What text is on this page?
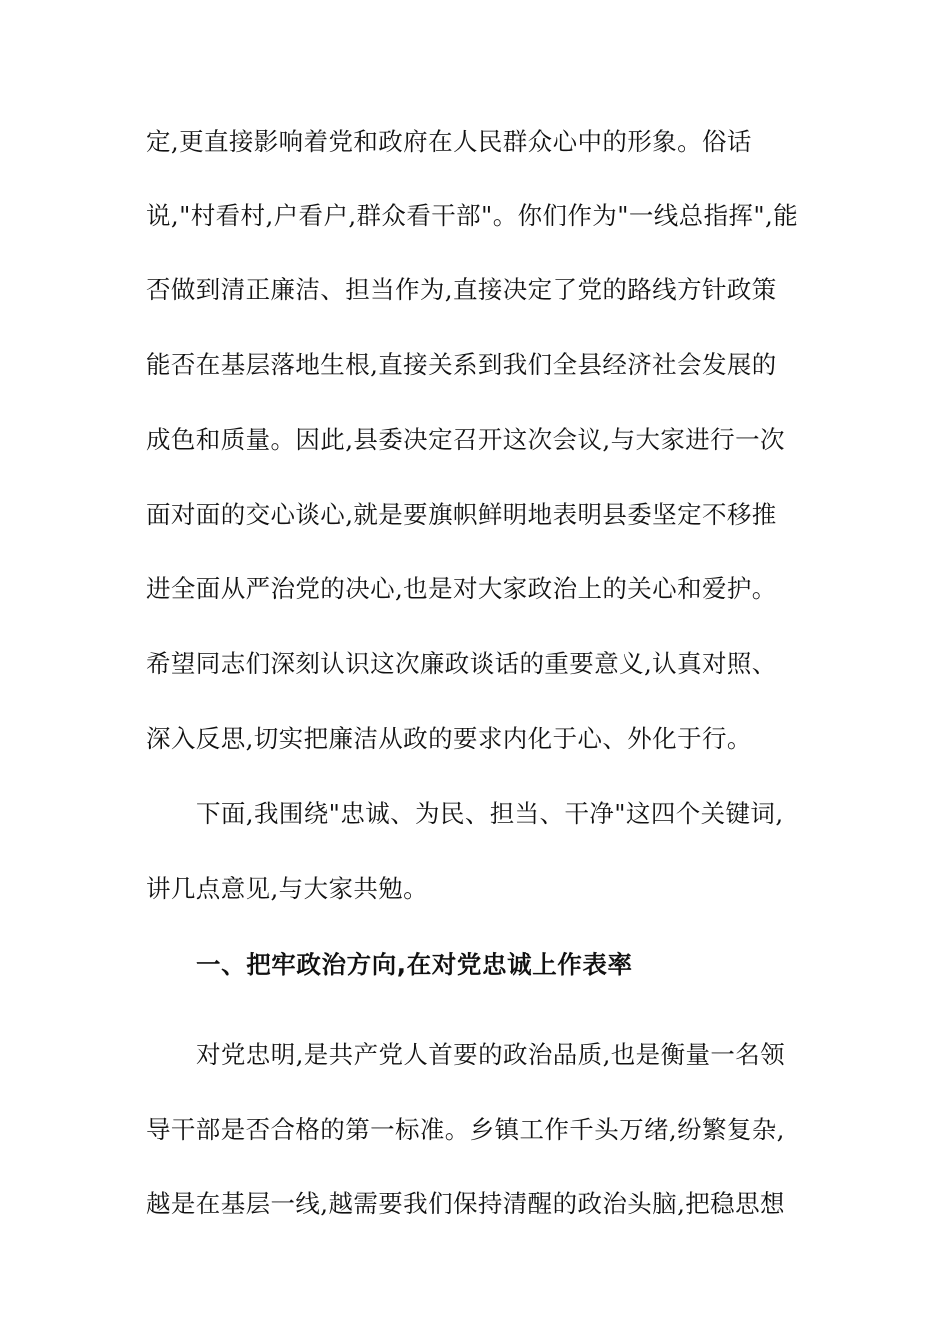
定,更直接影响着党和政府在人民群众心中的形象。俗话
说,"村看村,户看户,群众看干部"。你们作为"一线总指挥",能
否做到清正廉洁、担当作为,直接决定了党的路线方针政策
能否在基层落地生根,直接关系到我们全县经济社会发展的
成色和质量。因此,县委决定召开这次会议,与大家进行一次
面对面的交心谈心,就是要旗帜鲜明地表明县委坚定不移推
进全面从严治党的决心,也是对大家政治上的关心和爱护。
希望同志们深刻认识这次廉政谈话的重要意义,认真对照、
深入反思,切实把廉洁从政的要求内化于心、外化于行。
下面,我围绕"忠诚、为民、担当、干净"这四个关键词,
讲几点意见,与大家共勉。
一、把牢政治方向,在对党忠诚上作表率
对党忠明,是共产党人首要的政治品质,也是衡量一名领
导干部是否合格的第一标准。乡镇工作千头万绪,纷繁复杂,
越是在基层一线,越需要我们保持清醒的政治头脑,把稳思想
